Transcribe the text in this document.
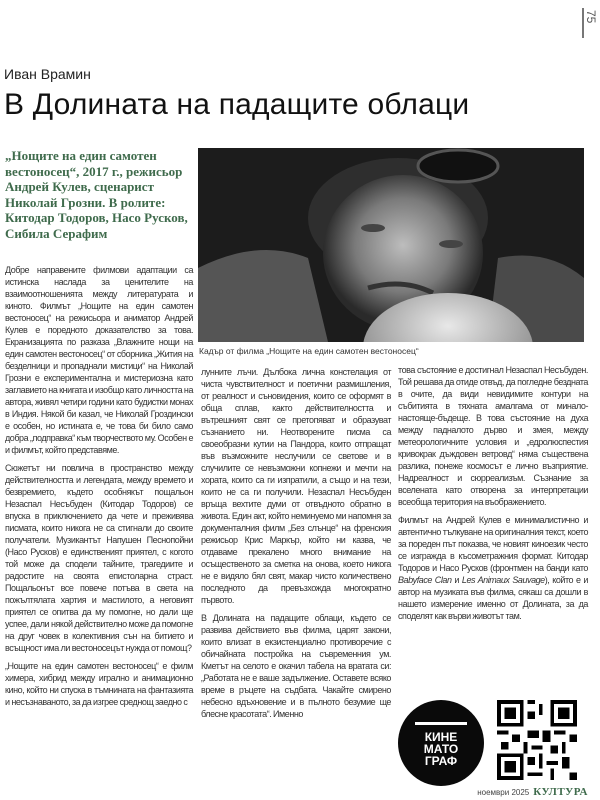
75
Иван Врамин
В Долината на падащите облаци
„Нощите на един самотен вестоносец“, 2017 г., режисьор Андрей Кулев, сценарист Николай Грозни. В ролите: Китодар Тодоров, Насо Русков, Сибила Серафим

Добре направените филмови адаптации са истинска наслада за ценителите на взаимоотношенията между литературата и киното. Филмът „Нощите на един самотен вестоносец“ на режисьора и аниматор Андрей Кулев е поредното доказателство за това. Екранизацията по разказа „Влажните нощи на един самотен вестоносец“ от сборника „Жития на безделници и пропаднали мистици“ на Николай Грозни е експериментална и мистериозна като заглавието на книгата и изобщо като личността на автора, живял четири години като будистки монах в Индия. Някой би казал, че Николай Гроздински е особен, но истината е, че това би било само добра „подправка“ към творчеството му. Особен е и филмът, който представяме.

Сюжетът ни повлича в пространство между действителността и легендата, между времето и безвремието, където особнякът пощальон Незаспал Несъбуден (Китодар Тодоров) се впуска в приключението да чете и преживява писмата, които никога не са стигнали до своите получатели. Музикантът Напушен Песнопойни (Насо Русков) е единственият приятел, с когото той може да сподели тайните, трагедиите и радостите на своята епистоларна страст. Пощальонът все повече потъва в света на пожълтялата хартия и мастилото, а неговият приятел се опитва да му помогне, но дали ще успее, дали някой действително може да помогне на друг човек в колективния сън на битието и всъщност има ли вестоносецът нужда от помощ?

„Нощите на един самотен вестоносец“ е филм химера, хибрид между игрално и анимационно кино, който ни спуска в тъмнината на фантазията и несъзнаваното, за да изгрее среднощ заедно с

Кадър от филма „Нощите на един самотен вестоносец“

лунните лъчи. Дълбока лична констелация от чиста чувствителност и поетични размишления, от реалност и съновидения, които се оформят в обща сплав, както действителността и вътрешният свят се претопяват и образуват съзнанието ни. Неотворените писма са своеобразни кутии на Пандора, които отпращат във възможните неслучили се светове и в случилите се невъзможни копнежи и мечти на хората, които са ги изпратили, а също и на тези, които не са ги получили. Незаспал Несъбуден връща вехтите думи от отвъдното обратно в живота. Един акт, който неминуемо ми напомня за документалния филм „Без слънце“ на френския режисьор Крис Маркър, който ни казва, че отдаваме прекалено много внимание на осъщественото за сметка на онова, което никога не е видяло бял свят, макар чисто количествено последното да превъзхожда многократно първото.

В Долината на падащите облаци, където се развива действието във филма, царят закони, които влизат в екзистенциално противоречие с обичайната постройка на съвременния ум. Кметът на селото е окачил табела на вратата си: „Работата не е ваше задължение. Оставете всяко време в ръцете на съдбата. Чакайте смирено небесно вдъхновение и в пълното безумие ще блесне красотата“. Именно

това състояние е достигнал Незаспал Несъбуден. Той решава да отиде отвъд, да погледне бездната в очите, да види невидимите контури на събитията в тяхната амалгама от минало-настояще-бъдеще. В това състояние на духа между падналото дърво и змея, между метеорологичните условия и „едролюспестия кривокрак дъждовен ветровд“ няма съществена разлика, понеже космосът е лично възприятие. Надреалност и сюрреализъм. Съзнание за вселената като отворена за интерпретации всеобща територия на въображението.

Филмът на Андрей Кулев е минималистично и автентично тълкуване на оригиналния текст, което за пореден път показва, че новият киноезик често се изгражда в късометражния формат. Китодар Тодоров и Насо Русков (фронтмен на банди като Babyface Clan и Les Animaux Sauvage), който е и автор на музиката във филма, сякаш са дошли в нашето измерение именно от Долината, за да споделят как върви животът там.

КИНЕ
МАТО
ГРАФ
ноември 2025 КУЛТУРА
